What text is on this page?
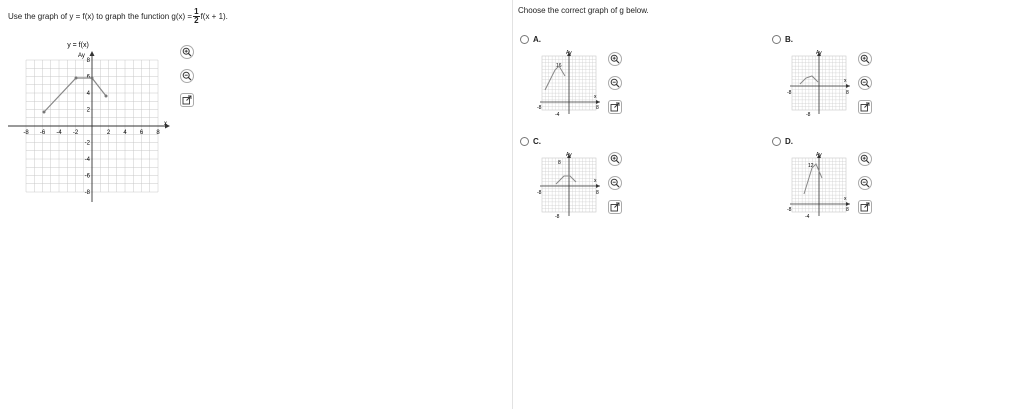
Use the graph of y = f(x) to graph the function $g(x) = \frac{1}{2} f(x + 1)$.
y = f(x)
Ay
x
-8 -6 -4 -2	2 4 6 8
8
6
4
2
-2
-4
-6
-8
Choose the correct graph of g below.
A.	B.
C.	D.
Ay
x
16
-4
-8	8
Ay
x
-8
-8	8
Ay
x
8
-8
-8	8
Ay
x
12
-4
-8	8
